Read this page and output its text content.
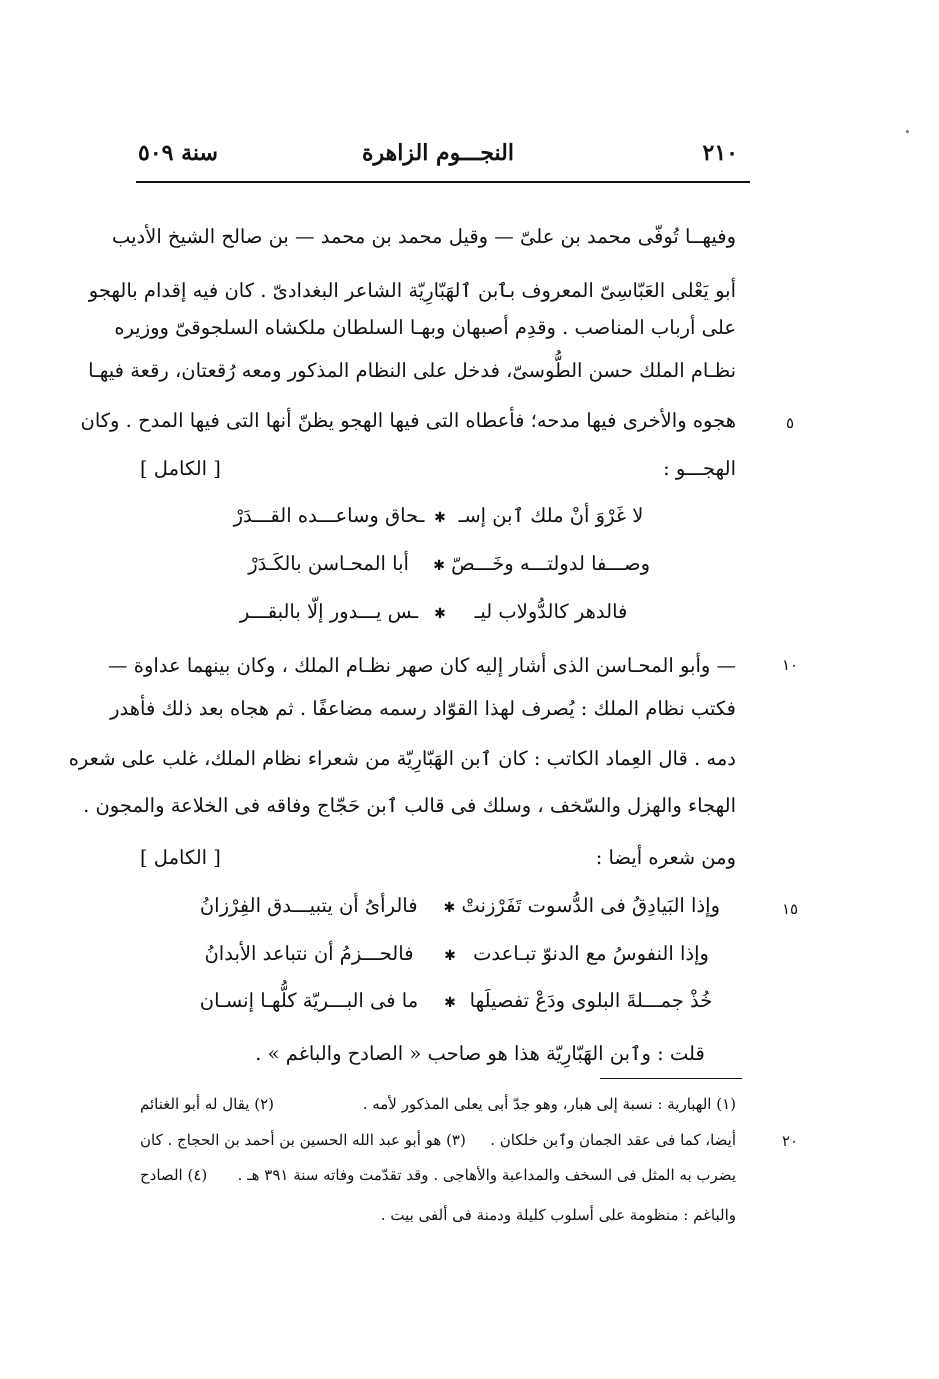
٢١٠
النجـــوم الزاهرة
سنة ٥٠٩
وفيهــا تُوفّى محمد بن علىّ — وقيل محمد بن محمد — بن صالح الشيخ الأديب
أبو يَعْلى العَبّاسِىّ المعروف بٱبن ٱلهَبّارِيّة الشاعر البغدادىّ . كان فيه إقدام بالهجو
على أرباب المناصب . وقدِم أصبهان وبهـا السلطان ملكشاه السلجوقىّ ووزيره
نظـام الملك حسن الطُّوسىّ، فدخل على النظام المذكور ومعه رُقعتان، رقعة فيهـا
هجوه والأخرى فيها مدحه؛ فأعطاه التى فيها الهجو يظنّ أنها التى فيها المدح . وكان
الهجـــو :
[ الكامل ]
لا غَرْوَ أنْ ملك ٱبن إسـ
✱
ـحاق وساعـــده القـــدَرْ
وصـــفا لدولتـــه وخَـــصّ
✱
أبا المحـاسن بالكَـدَرْ
فالدهر كالدُّولاب ليـ
✱
ـس يـــدور إلّا بالبقـــر
— وأبو المحـاسن الذى أشار إليه كان صهر نظـام الملك ، وكان بينهما عداوة —
فكتب نظام الملك : يُصرف لهذا القوّاد رسمه مضاعفًا . ثم هجاه بعد ذلك فأهدر
دمه . قال العِماد الكاتب : كان ٱبن الهَبّارِيّة من شعراء نظام الملك، غلب على شعره
الهجاء والهزل والسّخف ، وسلك فى قالب ٱبن حَجّاج وفاقه فى الخلاعة والمجون .
ومن شعره أيضا :
[ الكامل ]
وإذا البَيادِقُ فى الدُّسوت تَفَرْزنتْ
✱
فالرأىُ أن يتبيـــدق الفِرْزانُ
وإذا النفوسُ مع الدنوّ تبـاعدت
✱
فالحـــزمُ أن نتباعد الأبدانُ
خُذْ جمـــلةَ البلوى ودَعْ تفصيلَها
✱
ما فى البـــريّة كلُّهـا إنسـان
قلت : وٱبن الهَبّارِيّة هذا هو صاحب « الصادح والباغم » .
٥
١٠
١٥
٢٠
(١) الهبارية : نسبة إلى هبار، وهو جدّ أبى يعلى المذكور لأمه .
(٢) يقال له أبو الغنائم
أيضا، كما فى عقد الجمان وٱبن خلكان .
(٣) هو أبو عبد الله الحسين بن أحمد بن الحجاج . كان
يضرب به المثل فى السخف والمداعبة والأهاجى . وقد تقدّمت وفاته سنة ٣٩١ هـ .
(٤) الصادح
والباغم : منظومة على أسلوب كليلة ودمنة فى ألفى بيت .
